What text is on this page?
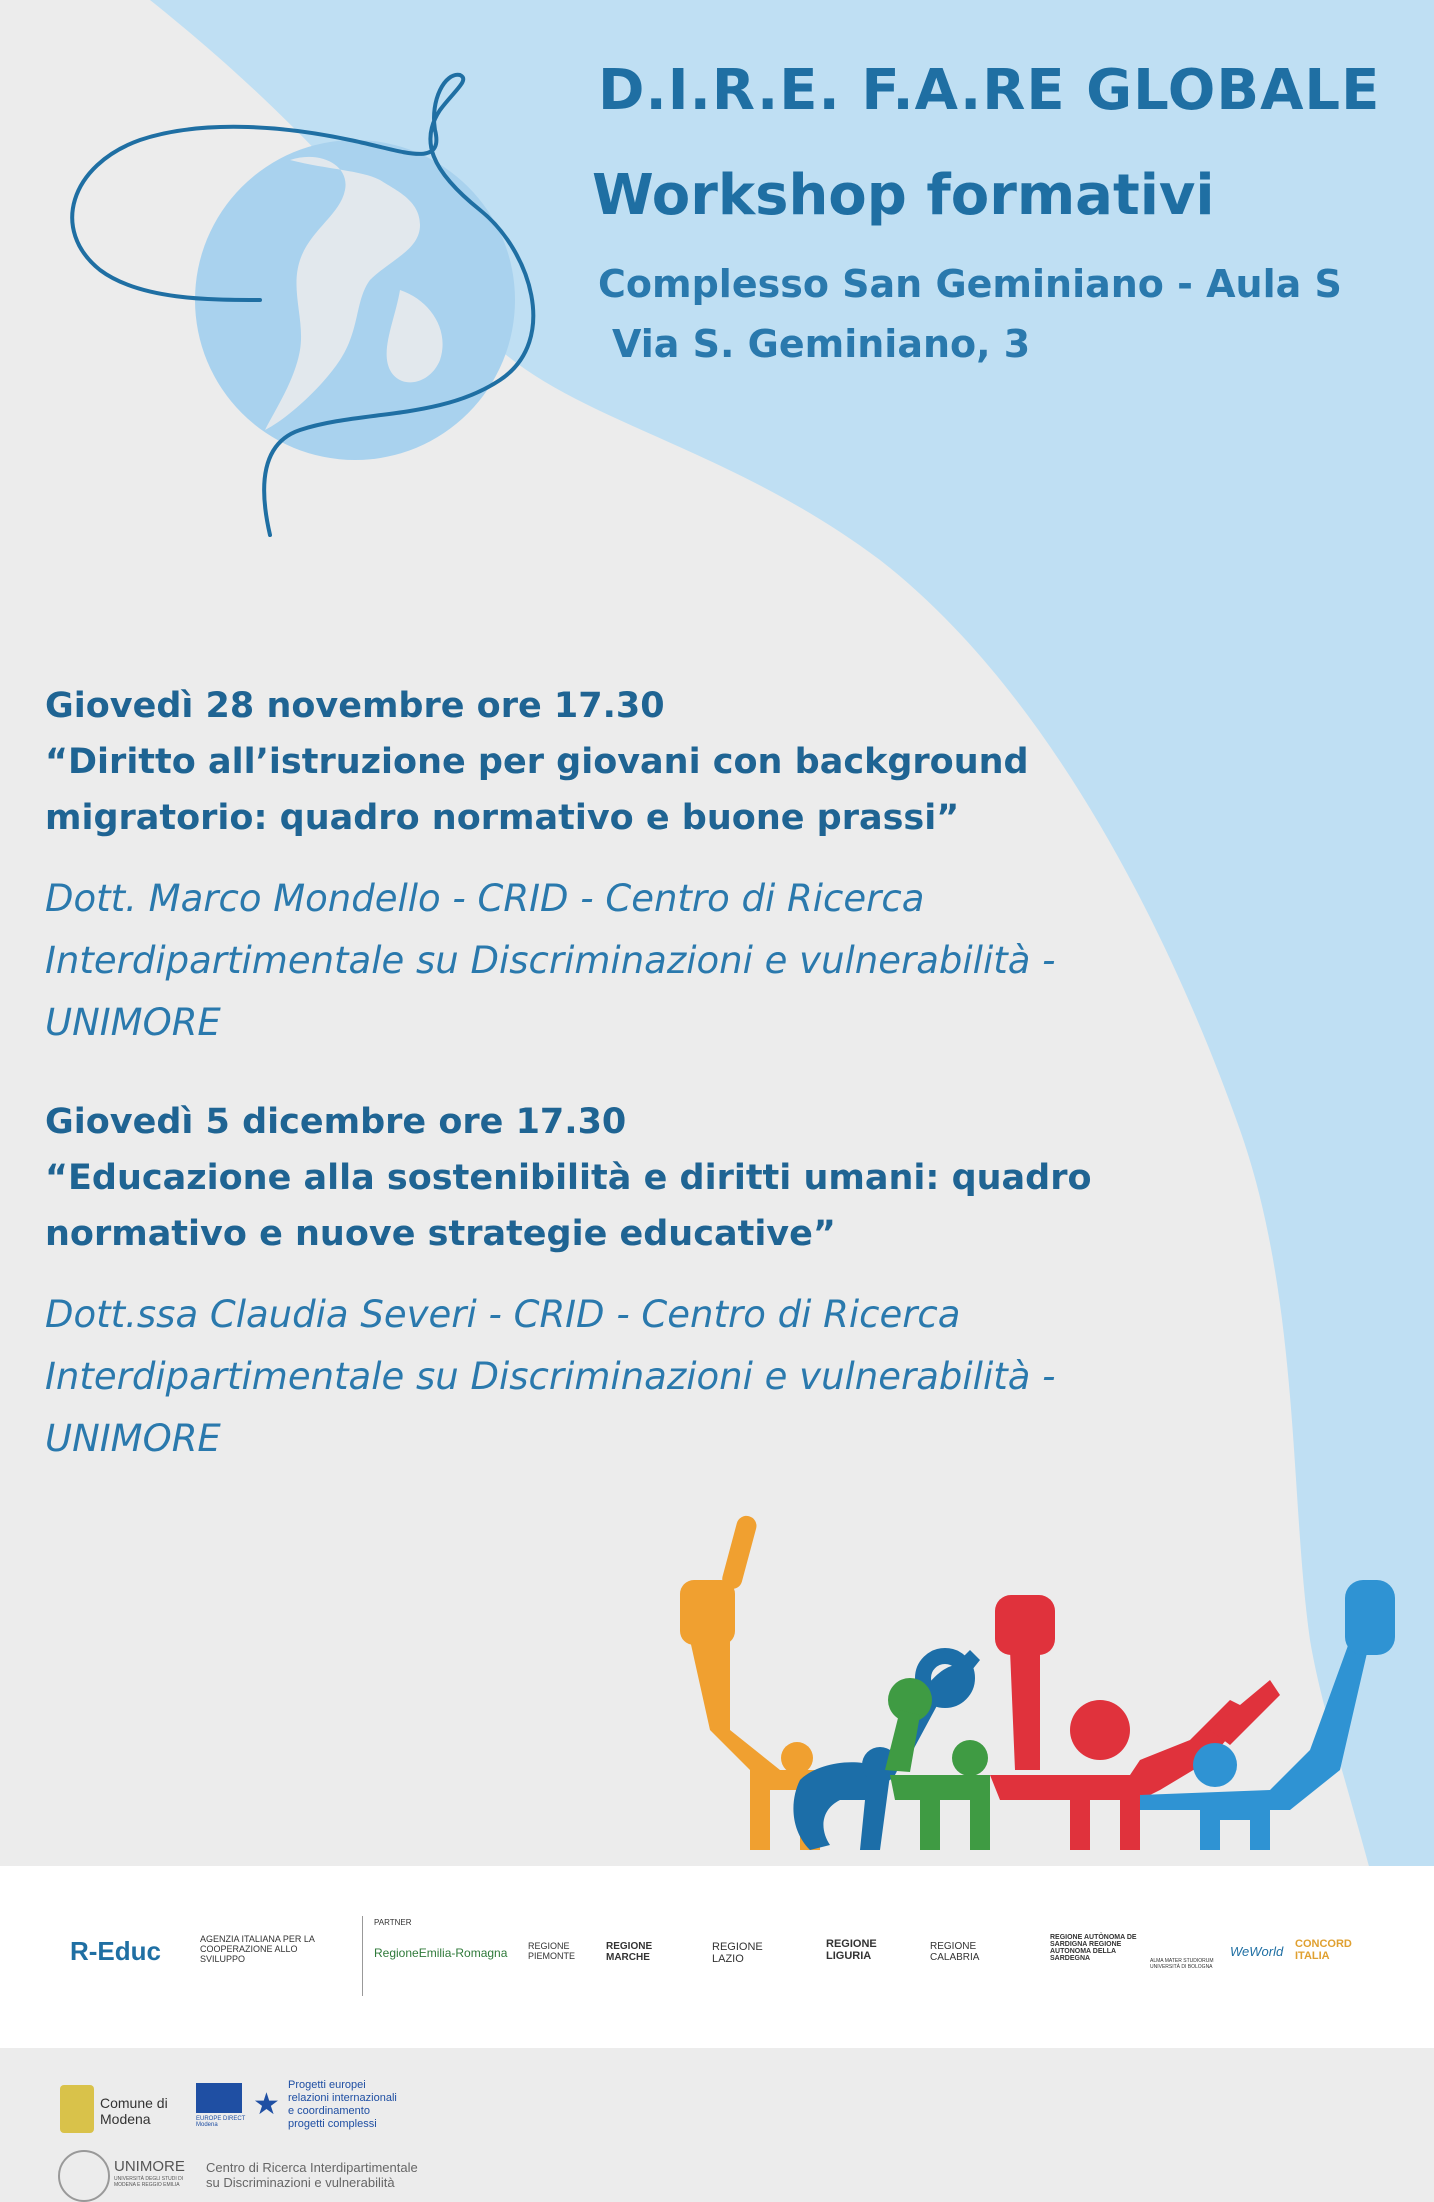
D.I.R.E. F.A.RE GLOBALE
Workshop formativi
Complesso San Geminiano - Aula S
Via S. Geminiano, 3
Giovedì 28 novembre ore 17.30
“Diritto all’istruzione per giovani con background
migratorio: quadro normativo e buone prassi”
Dott. Marco Mondello - CRID - Centro di Ricerca
Interdipartimentale su Discriminazioni e vulnerabilità -
UNIMORE
Giovedì 5 dicembre ore 17.30
“Educazione alla sostenibilità e diritti umani: quadro
normativo e nuove strategie educative”
Dott.ssa Claudia Severi - CRID - Centro di Ricerca
Interdipartimentale su Discriminazioni e vulnerabilità -
UNIMORE
Comune di Modena	EUROPE DIRECT Modena
★
Progetti europei
relazioni internazionali
e coordinamento
progetti complessi
UNIMORE
UNIVERSITÀ DEGLI STUDI DI MODENA E REGGIO EMILIA
Centro di Ricerca Interdipartimentale
su Discriminazioni e vulnerabilità
R-Educ	AGENZIA ITALIANA PER LA COOPERAZIONE ALLO SVILUPPO
PARTNER
RegioneEmilia-Romagna REGIONE PIEMONTE
REGIONE MARCHE
REGIONE LAZIO
REGIONE LIGURIA
REGIONE CALABRIA
REGIONE AUTÒNOMA DE SARDIGNA REGIONE AUTONOMA DELLA SARDEGNA	ALMA MATER STUDIORUM UNIVERSITÀ DI BOLOGNA
WeWorld CONCORD ITALIA
